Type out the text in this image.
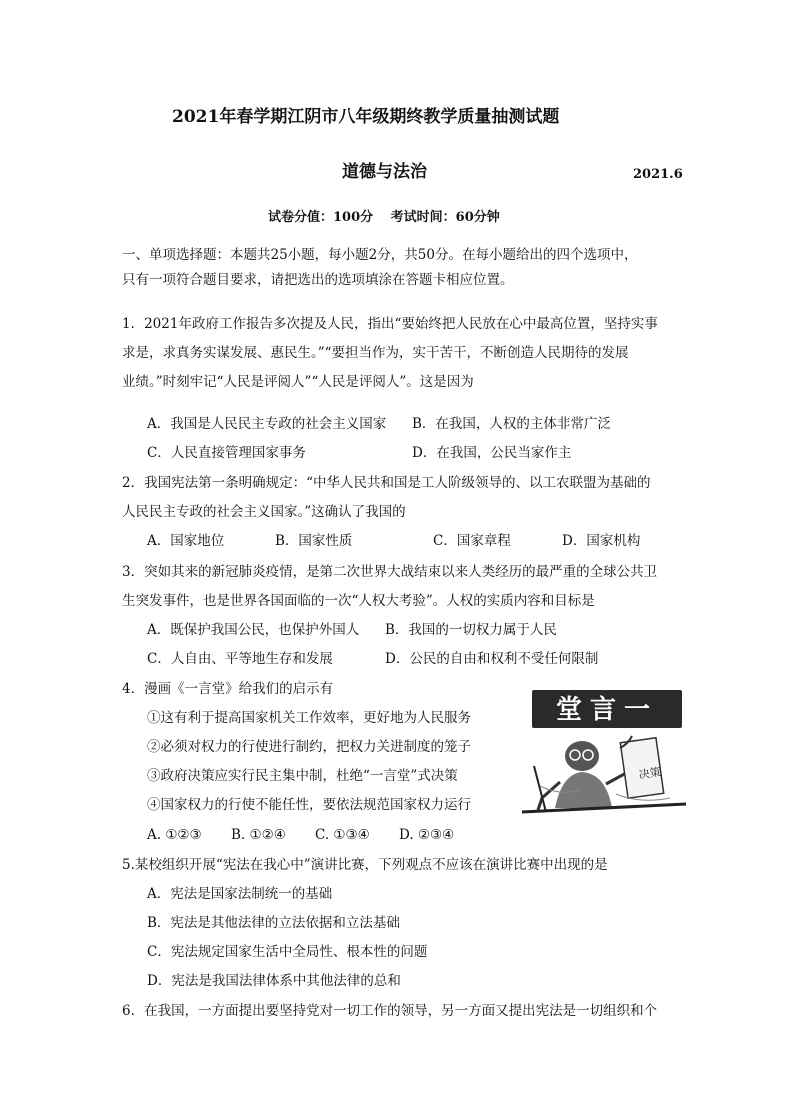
2021年春学期江阴市八年级期终教学质量抽测试题
道德与法治	2021.6
试卷分值：100分　 考试时间：60分钟
一、单项选择题：本题共25小题，每小题2分，共50分。在每小题给出的四个选项中，
只有一项符合题目要求，请把选出的选项填涂在答题卡相应位置。
1．2021年政府工作报告多次提及人民，指出“要始终把人民放在心中最高位置，坚持实事
求是，求真务实谋发展、惠民生。”“要担当作为，实干苦干，不断创造人民期待的发展
业绩。”时刻牢记“人民是评阅人”“人民是评阅人”。这是因为
A．我国是人民民主专政的社会主义国家 B．在我国，人权的主体非常广泛
C．人民直接管理国家事务	D．在我国，公民当家作主
2．我国宪法第一条明确规定：“中华人民共和国是工人阶级领导的、以工农联盟为基础的
人民民主专政的社会主义国家。”这确认了我国的
A．国家地位	B．国家性质	C．国家章程	D．国家机构
3．突如其来的新冠肺炎疫情，是第二次世界大战结束以来人类经历的最严重的全球公共卫
生突发事件，也是世界各国面临的一次“人权大考验”。人权的实质内容和目标是
A．既保护我国公民，也保护外国人 B．我国的一切权力属于人民
C．人自由、平等地生存和发展	D．公民的自由和权利不受任何限制
4．漫画《一言堂》给我们的启示有
①这有利于提高国家机关工作效率，更好地为人民服务
②必须对权力的行使进行制约，把权力关进制度的笼子
③政府决策应实行民主集中制，杜绝“一言堂”式决策
④国家权力的行使不能任性，要依法规范国家权力运行
A. ①②③ B. ①②④ C. ①③④ D. ②③④
堂言一
决策
5.某校组织开展“宪法在我心中”演讲比赛，下列观点不应该在演讲比赛中出现的是
A．宪法是国家法制统一的基础
B．宪法是其他法律的立法依据和立法基础
C．宪法规定国家生活中全局性、根本性的问题
D．宪法是我国法律体系中其他法律的总和
6．在我国，一方面提出要坚持党对一切工作的领导，另一方面又提出宪法是一切组织和个
